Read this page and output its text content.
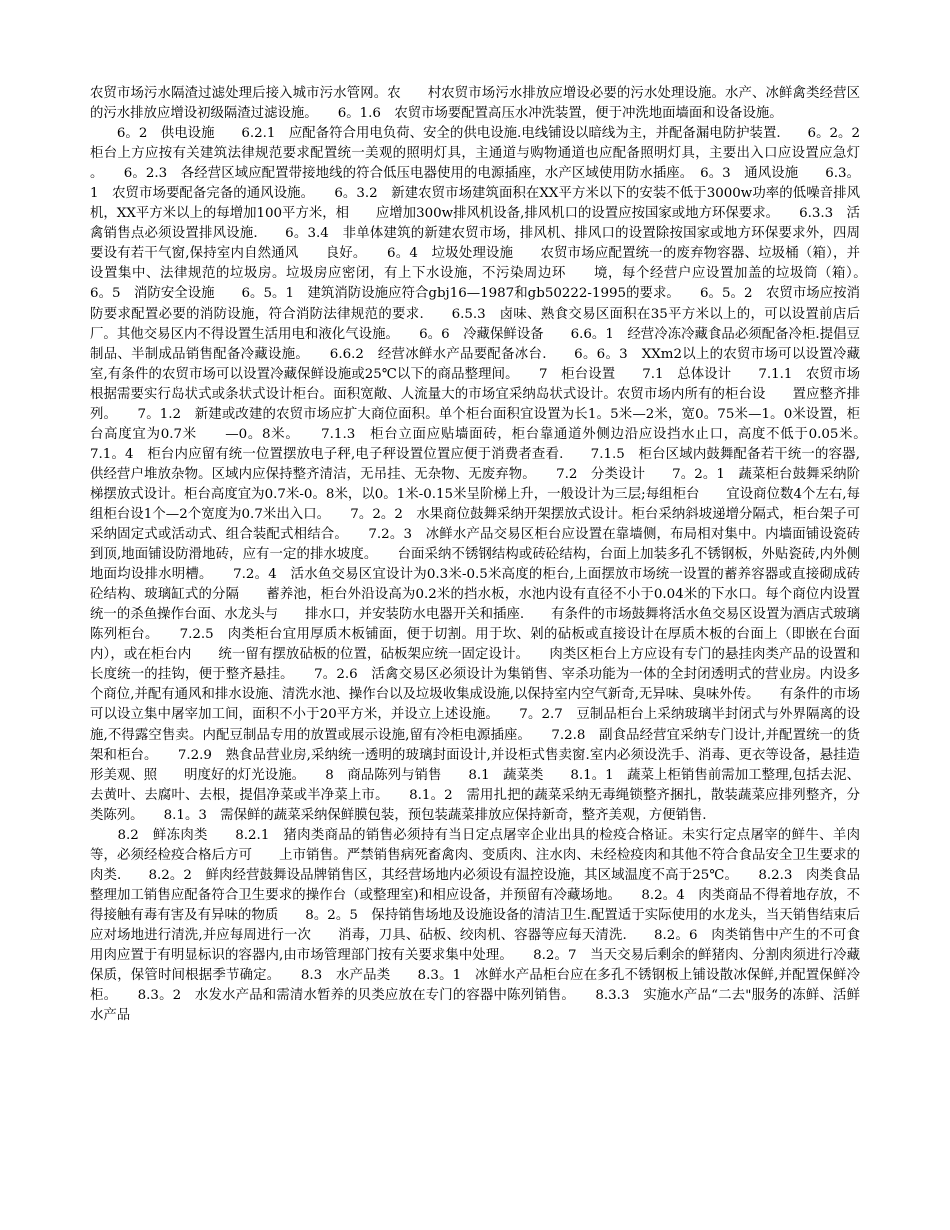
农贸市场污水隔渣过滤处理后接入城市污水管网。农　　村农贸市场污水排放应增设必要的污水处理设施。水产、冰鲜禽类经营区的污水排放应增设初级隔渣过滤设施。　　6。1.6　农贸市场要配置高压水冲洗装置，便于冲洗地面墙面和设备设施。

　　6。2　供电设施　　6.2.1　应配备符合用电负荷、安全的供电设施.电线铺设以暗线为主，并配备漏电防护装置.　　6。2。2　柜台上方应按有关建筑法律规范要求配置统一美观的照明灯具，主通道与购物通道也应配备照明灯具，主要出入口应设置应急灯　　。　　6。2.3　各经营区域应配置带接地线的符合低压电器使用的电源插座，水产区域使用防水插座。　6。3　通风设施　　6.3。1　农贸市场要配备完备的通风设施。　　6。3.2　新建农贸市场建筑面积在XX平方米以下的安装不低于3000w功率的低噪音排风机，XX平方米以上的每增加100平方米，相　　应增加300w排风机设备,排风机口的设置应按国家或地方环保要求。　　6.3.3　活禽销售点必须设置排风设施.　　6。3.4　非单体建筑的新建农贸市场，排风机、排风口的设置除按国家或地方环保要求外，四周要设有若干气窗,保持室内自然通风　　良好。　　6。4　垃圾处理设施　　农贸市场应配置统一的废弃物容器、垃圾桶（箱），并设置集中、法律规范的垃圾房。垃圾房应密闭，有上下水设施，不污染周边环　　境，每个经营户应设置加盖的垃圾筒（箱）。　　6。5　消防安全设施　　6。5。1　建筑消防设施应符合gbj16—1987和gb50222-1995的要求。　　6。5。2　农贸市场应按消防要求配置必要的消防设施，符合消防法律规范的要求.　　6.5.3　卤味、熟食交易区面积在35平方米以上的，可以设置前店后厂。其他交易区内不得设置生活用电和液化气设施。　　6。6　冷藏保鲜设备　　6.6。1　经营冷冻冷藏食品必须配备冷柜.提倡豆制品、半制成品销售配备冷藏设施。　　6.6.2　经营冰鲜水产品要配备冰台.　　6。6。3　XXm2以上的农贸市场可以设置冷藏室,有条件的农贸市场可以设置冷藏保鲜设施或25℃以下的商品整理间。　　7　柜台设置　　7.1　总体设计　　7.1.1　农贸市场根据需要实行岛状式或条状式设计柜台。面积宽敞、人流量大的市场宜采纳岛状式设计。农贸市场内所有的柜台设　　置应整齐排列。　　7。1.2　新建或改建的农贸市场应扩大商位面积。单个柜台面积宜设置为长1。5米—2米，宽0。75米—1。0米设置，柜台高度宜为0.7米　　—0。8米。　　7.1.3　柜台立面应贴墙面砖，柜台靠通道外侧边沿应设挡水止口，高度不低于0.05米。　　7.1。4　柜台内应留有统一位置摆放电子秤,电子秤设置位置应便于消费者查看.　　7.1.5　柜台区域内鼓舞配备若干统一的容器,供经营户堆放杂物。区域内应保持整齐清洁，无吊挂、无杂物、无废弃物。　　7.2　分类设计　　7。2。1　蔬菜柜台鼓舞采纳阶梯摆放式设计。柜台高度宜为0.7米-0。8米，以0。1米-0.15米呈阶梯上升，一般设计为三层;每组柜台　　宜设商位数4个左右,每组柜台设1个—2个宽度为0.7米出入口。　　7。2。2　水果商位鼓舞采纳开架摆放式设计。柜台采纳斜坡递增分隔式，柜台架子可采纳固定式或活动式、组合装配式相结合。　　7.2。3　冰鲜水产品交易区柜台应设置在靠墙侧，布局相对集中。内墙面铺设瓷砖到顶,地面铺设防滑地砖，应有一定的排水坡度。　　台面采纳不锈钢结构或砖砼结构，台面上加装多孔不锈钢板，外贴瓷砖,内外侧地面均设排水明槽。　　7.2。4　活水鱼交易区宜设计为0.3米-0.5米高度的柜台,上面摆放市场统一设置的蓄养容器或直接砌成砖砼结构、玻璃缸式的分隔　　蓄养池，柜台外沿设高为0.2米的挡水板，水池内设有直径不小于0.04米的下水口。每个商位内设置统一的杀鱼操作台面、水龙头与　　排水口，并安装防水电器开关和插座.　　有条件的市场鼓舞将活水鱼交易区设置为酒店式玻璃陈列柜台。　　7.2.5　肉类柜台宜用厚质木板铺面，便于切割。用于坎、剁的砧板或直接设计在厚质木板的台面上（即嵌在台面内），或在柜台内　　统一留有摆放砧板的位置，砧板架应统一固定设计。　　肉类区柜台上方应设有专门的悬挂肉类产品的设置和长度统一的挂钩，便于整齐悬挂。　　7。2.6　活禽交易区必须设计为集销售、宰杀功能为一体的全封闭透明式的营业房。内设多个商位,并配有通风和排水设施、清洗水池、操作台以及垃圾收集成设施,以保持室内空气新奇,无异味、臭味外传。　　有条件的市场可以设立集中屠宰加工间，面积不小于20平方米，并设立上述设施。　　7。2.7　豆制品柜台上采纳玻璃半封闭式与外界隔离的设施,不得露空售卖。内配豆制品专用的放置或展示设施,留有冷柜电源插座。　　7.2.8　副食品经营宜采纳专门设计,并配置统一的货架和柜台。　　7.2.9　熟食品营业房,采纳统一透明的玻璃封面设计,并设柜式售卖窗.室内必须设洗手、消毒、更衣等设备，悬挂造形美观、照　　明度好的灯光设施。　　8　商品陈列与销售　　8.1　蔬菜类　　8.1。1　蔬菜上柜销售前需加工整理,包括去泥、去黄叶、去腐叶、去根，提倡净菜或半净菜上市。　　8.1。2　需用扎把的蔬菜采纳无毒绳锁整齐捆扎，散装蔬菜应排列整齐，分类陈列。　　8.1。3　需保鲜的蔬菜采纳保鲜膜包装，预包装蔬菜排放应保持新奇，整齐美观，方便销售.

　　8.2　鲜冻肉类　　8.2.1　猪肉类商品的销售必须持有当日定点屠宰企业出具的检疫合格证。未实行定点屠宰的鲜牛、羊肉等，必须经检疫合格后方可　　上市销售。严禁销售病死畜禽肉、变质肉、注水肉、未经检疫肉和其他不符合食品安全卫生要求的肉类.　　8.2。2　鲜肉经营鼓舞设品牌销售区，其经营场地内必须设有温控设施，其区域温度不高于25℃。　　8.2.3　肉类食品整理加工销售应配备符合卫生要求的操作台（或整理室)和相应设备，并预留有冷藏场地。　　8.2。4　肉类商品不得着地存放，不得接触有毒有害及有异味的物质　　8。2。5　保持销售场地及设施设备的清洁卫生.配置适于实际使用的水龙头，当天销售结束后应对场地进行清洗,并应每周进行一次　　消毒，刀具、砧板、绞肉机、容器等应每天清洗.　　8.2。6　肉类销售中产生的不可食用肉应置于有明显标识的容器内,由市场管理部门按有关要求集中处理。　　8.2。7　当天交易后剩余的鲜猪肉、分割肉须进行冷藏保质，保管时间根据季节确定。　　8.3　水产品类　　8.3。1　冰鲜水产品柜台应在多孔不锈钢板上铺设散冰保鲜,并配置保鲜冷柜。　　8.3。2　水发水产品和需清水暂养的贝类应放在专门的容器中陈列销售。　　8.3.3　实施水产品“二去"服务的冻鲜、活鲜水产品
